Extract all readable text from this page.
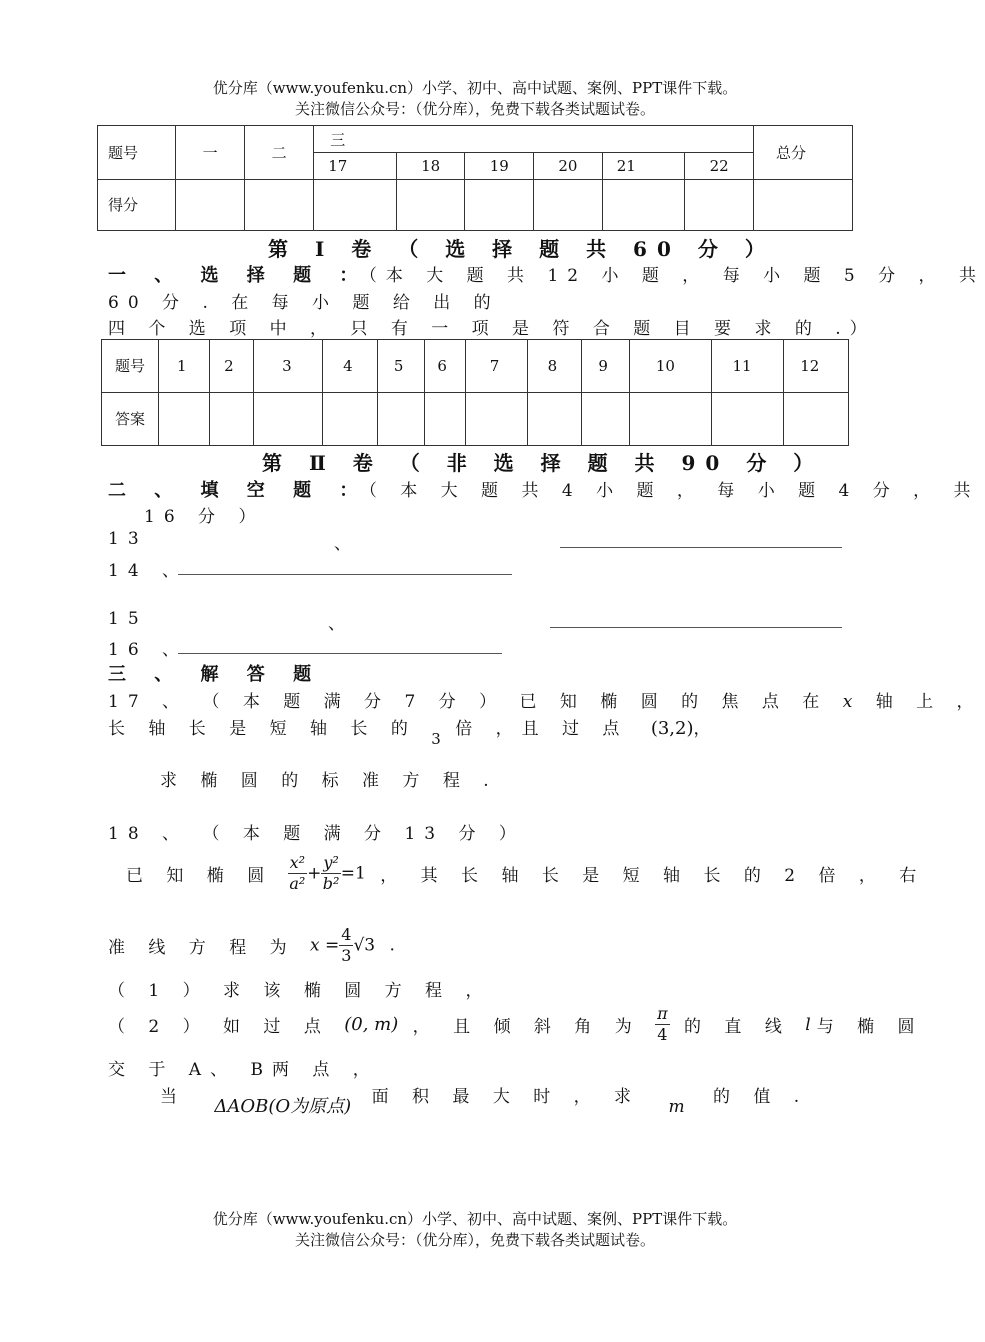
优分库（www.youfenku.cn）小学、初中、高中试题、案例、PPT课件下载。
关注微信公众号：（优分库），免费下载各类试题试卷。
题号	一	二	三						总分
			17	18	19	20	21	22	
得分									
第 Ⅰ 卷 （ 选 择 题 共 60 分 ）
一 、 选 择 题 ：（本 大 题 共 12 小 题 ， 每 小 题 5 分 ， 共
60 分 . 在 每 小 题 给 出 的
四 个 选 项 中 ， 只 有 一 项 是 符 合 题 目 要 求 的 .）
题号	1	2	3	4	5	6	7	8	9	10	11	12
答案												
第 Ⅱ 卷 （ 非 选 择 题 共 90 分 ）
二 、 填 空 题 ：（ 本 大 题 共 4 小 题 ， 每 小 题 4 分 ， 共
16 分 ）
13	、
14 、
15	、
16 、
三 、 解 答 题
17 、 （ 本 题 满 分 7 分 ） 已 知 椭 圆 的 焦 点 在 x 轴 上 ，
长 轴 长 是 短 轴 长 的 3 倍 ，且 过 点 (3,2)，
求 椭 圆 的 标 准 方 程 .
18 、 （ 本 题 满 分 13 分 ）
已 知 椭 圆 $\frac{\text{x²}}{\text{a²}} + \frac{\text{y²}}{\text{b²}} =1$ ， 其 长 轴 长 是 短 轴 长 的 2 倍 ， 右
准 线 方 程 为 $x = \frac{4}{3} √3$ .
（ 1 ） 求 该 椭 圆 方 程 ，
（ 2 ） 如 过 点 (0, m) ， 且 倾 斜 角 为 $\frac{\pi}{4}$ 的 直 线 l 与 椭 圆
交 于 A、 B两 点 ，
当 ΔAOB(O为原点) 面 积 最 大 时 ， 求 m 的 值 .
优分库（www.youfenku.cn）小学、初中、高中试题、案例、PPT课件下载。
关注微信公众号：（优分库），免费下载各类试题试卷。
